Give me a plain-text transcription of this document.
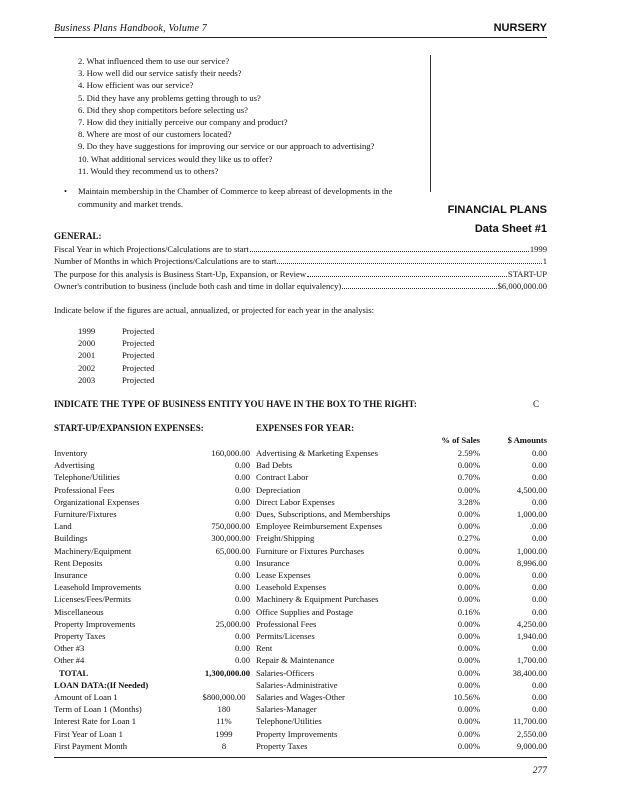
Business Plans Handbook, Volume 7	NURSERY
2. What influenced them to use our service?
3. How well did our service satisfy their needs?
4. How efficient was our service?
5. Did they have any problems getting through to us?
6. Did they shop competitors before selecting us?
7. How did they initially perceive our company and product?
8. Where are most of our customers located?
9. Do they have suggestions for improving our service or our approach to advertising?
10. What additional services would they like us to offer?
11. Would they recommend us to others?
• Maintain membership in the Chamber of Commerce to keep abreast of developments in the community and market trends.	FINANCIAL PLANS
Data Sheet #1
GENERAL:
Fiscal Year in which Projections/Calculations are to start	1999
Number of Months in which Projections/Calculations are to start	1
The purpose for this analysis is Business Start-Up, Expansion, or Review	START-UP
Owner's contribution to business (include both cash and time in dollar equivalency)	$6,000,000.00
Indicate below if the figures are actual, annualized, or projected for each year in the analysis:
1999	Projected
2000	Projected
2001	Projected
2002	Projected
2003	Projected
INDICATE THE TYPE OF BUSINESS ENTITY YOU HAVE IN THE BOX TO THE RIGHT:	C
START-UP/EXPANSION EXPENSES:	EXPENSES FOR YEAR:
% of Sales	$ Amounts
Inventory	160,000.00
Advertising	0.00
Telephone/Utilities	0.00
Professional Fees	0.00
Organizational Expenses	0.00
Furniture/Fixtures	0.00
Land	750,000.00
Buildings	300,000.00
Machinery/Equipment	65,000.00
Rent Deposits	0.00
Insurance	0.00
Leasehold Improvements	0.00
Licenses/Fees/Permits	0.00
Miscellaneous	0.00
Property Improvements	25,000.00
Property Taxes	0.00
Other #3	0.00
Other #4	0.00
TOTAL	1,300,000.00
LOAN DATA:(If Needed)
Amount of Loan 1	$800,000.00
Term of Loan 1 (Months)	180
Interest Rate for Loan 1	11%
First Year of Loan 1	1999
First Payment Month	8
Advertising & Marketing Expenses	2.59%	0.00
Bad Debts	0.00%	0.00
Contract Labor	0.70%	0.00
Depreciation	0.00%	4,500.00
Direct Labor Expenses	3.28%	0.00
Dues, Subscriptions, and Memberships	0.00%	1,000.00
Employee Reimbursement Expenses	0.00%	.0.00
Freight/Shipping	0.27%	0.00
Furniture or Fixtures Purchases	0.00%	1,000.00
Insurance	0.00%	8,996.00
Lease Expenses	0.00%	0.00
Leasehold Expenses	0.00%	0.00
Machinery & Equipment Purchases	0.00%	0.00
Office Supplies and Postage	0.16%	0.00
Professional Fees	0.00%	4,250.00
Permits/Licenses	0.00%	1,940.00
Rent	0.00%	0.00
Repair & Maintenance	0.00%	1,700.00
Salaries-Officers	0.00%	38,400.00
Salaries-Administrative	0.00%	0.00
Salaries and Wages-Other	10.56%	0.00
Salaries-Manager	0.00%	0.00
Telephone/Utilities	0.00%	11,700.00
Property Improvements	0.00%	2,550.00
Property Taxes	0.00%	9,000.00
277
